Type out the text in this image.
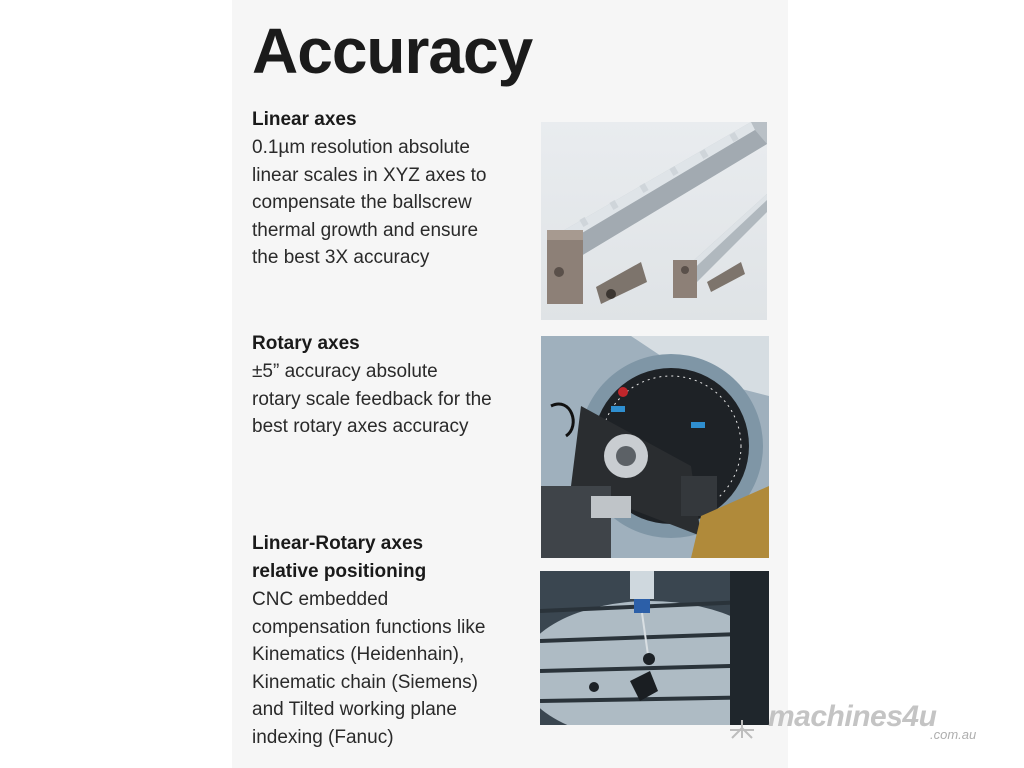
Accuracy
Linear axes
0.1µm resolution absolute
linear scales in XYZ axes to
compensate the ballscrew
thermal growth and ensure
the best 3X accuracy
Rotary axes
±5” accuracy absolute
rotary scale feedback for the
best rotary axes accuracy
Linear-Rotary axes
relative positioning
CNC embedded
compensation functions like
Kinematics (Heidenhain),
Kinematic chain (Siemens)
and Tilted working plane
indexing (Fanuc)
machines4u
.com.au
